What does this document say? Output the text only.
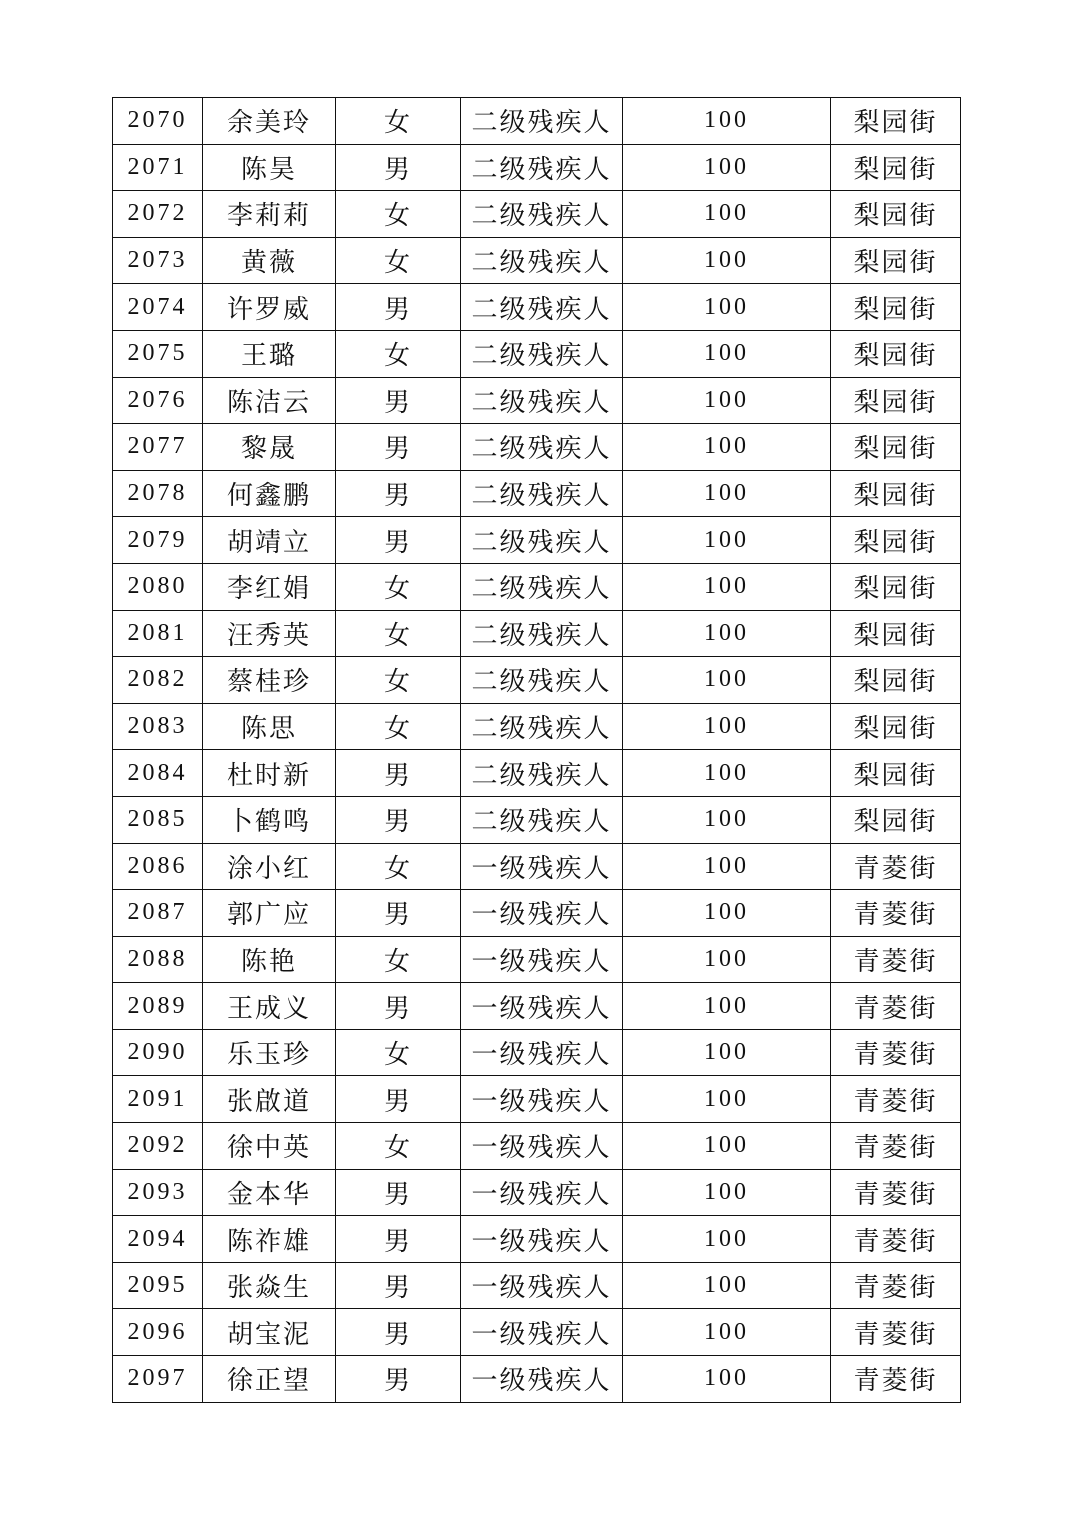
2070	余美玲	女	二级残疾人	100	梨园街
2071	陈昊	男	二级残疾人	100	梨园街
2072	李莉莉	女	二级残疾人	100	梨园街
2073	黄薇	女	二级残疾人	100	梨园街
2074	许罗威	男	二级残疾人	100	梨园街
2075	王璐	女	二级残疾人	100	梨园街
2076	陈洁云	男	二级残疾人	100	梨园街
2077	黎晟	男	二级残疾人	100	梨园街
2078	何鑫鹏	男	二级残疾人	100	梨园街
2079	胡靖立	男	二级残疾人	100	梨园街
2080	李红娟	女	二级残疾人	100	梨园街
2081	汪秀英	女	二级残疾人	100	梨园街
2082	蔡桂珍	女	二级残疾人	100	梨园街
2083	陈思	女	二级残疾人	100	梨园街
2084	杜时新	男	二级残疾人	100	梨园街
2085	卜鹤鸣	男	二级残疾人	100	梨园街
2086	涂小红	女	一级残疾人	100	青菱街
2087	郭广应	男	一级残疾人	100	青菱街
2088	陈艳	女	一级残疾人	100	青菱街
2089	王成义	男	一级残疾人	100	青菱街
2090	乐玉珍	女	一级残疾人	100	青菱街
2091	张啟道	男	一级残疾人	100	青菱街
2092	徐中英	女	一级残疾人	100	青菱街
2093	金本华	男	一级残疾人	100	青菱街
2094	陈祚雄	男	一级残疾人	100	青菱街
2095	张焱生	男	一级残疾人	100	青菱街
2096	胡宝泥	男	一级残疾人	100	青菱街
2097	徐正望	男	一级残疾人	100	青菱街
